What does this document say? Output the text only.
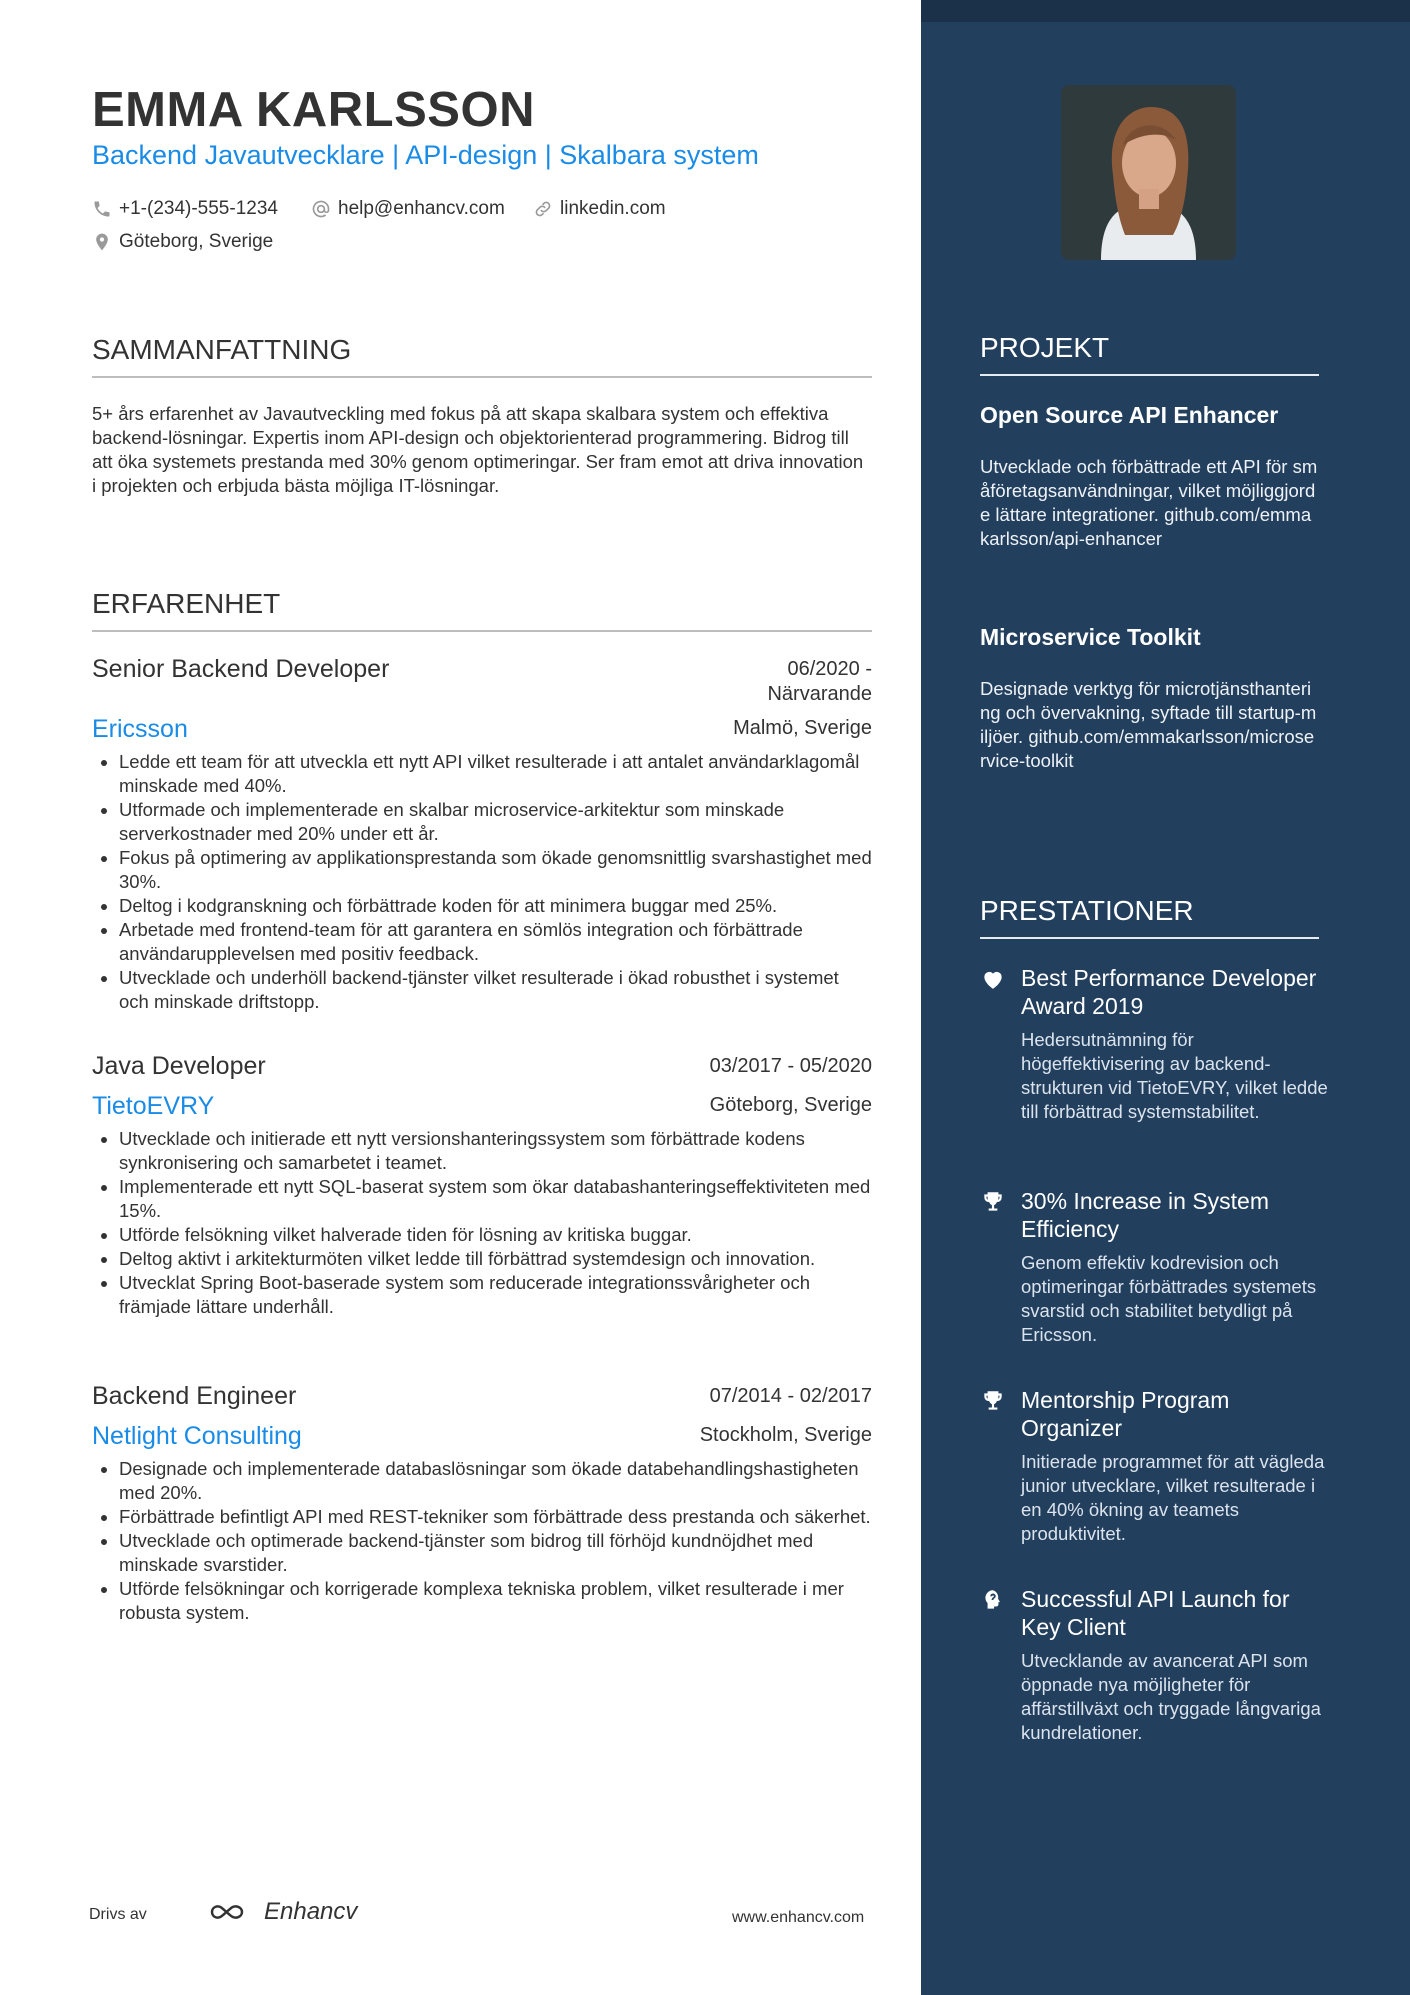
EMMA KARLSSON
Backend Javautvecklare | API-design | Skalbara system
+1-(234)-555-1234	help@enhancv.com	linkedin.com
Göteborg, Sverige
SAMMANFATTNING
5+ års erfarenhet av Javautveckling med fokus på att skapa skalbara system och effektiva backend-lösningar. Expertis inom API-design och objektorienterad programmering. Bidrog till att öka systemets prestanda med 30% genom optimeringar. Ser fram emot att driva innovation i projekten och erbjuda bästa möjliga IT-lösningar.
ERFARENHET
Senior Backend Developer	06/2020 - Närvarande
Ericsson	Malmö, Sverige
• Ledde ett team för att utveckla ett nytt API vilket resulterade i att antalet användarklagomål minskade med 40%.
• Utformade och implementerade en skalbar microservice-arkitektur som minskade serverkostnader med 20% under ett år.
• Fokus på optimering av applikationsprestanda som ökade genomsnittlig svarshastighet med 30%.
• Deltog i kodgranskning och förbättrade koden för att minimera buggar med 25%.
• Arbetade med frontend-team för att garantera en sömlös integration och förbättrade användarupplevelsen med positiv feedback.
• Utvecklade och underhöll backend-tjänster vilket resulterade i ökad robusthet i systemet och minskade driftstopp.
Java Developer	03/2017 - 05/2020
TietoEVRY	Göteborg, Sverige
• Utvecklade och initierade ett nytt versionshanteringssystem som förbättrade kodens synkronisering och samarbetet i teamet.
• Implementerade ett nytt SQL-baserat system som ökar databashanteringseffektiviteten med 15%.
• Utförde felsökning vilket halverade tiden för lösning av kritiska buggar.
• Deltog aktivt i arkitekturmöten vilket ledde till förbättrad systemdesign och innovation.
• Utvecklat Spring Boot-baserade system som reducerade integrationssvårigheter och främjade lättare underhåll.
Backend Engineer	07/2014 - 02/2017
Netlight Consulting	Stockholm, Sverige
• Designade och implementerade databaslösningar som ökade databehandlingshastigheten med 20%.
• Förbättrade befintligt API med REST-tekniker som förbättrade dess prestanda och säkerhet.
• Utvecklade och optimerade backend-tjänster som bidrog till förhöjd kundnöjdhet med minskade svarstider.
• Utförde felsökningar och korrigerade komplexa tekniska problem, vilket resulterade i mer robusta system.
Drivs av	Enhancv	www.enhancv.com
PROJEKT
Open Source API Enhancer
Utvecklade och förbättrade ett API för småföretagsanvändningar, vilket möjliggjorde lättare integrationer. github.com/emmakarlsson/api-enhancer
Microservice Toolkit
Designade verktyg för microtjänsthantering och övervakning, syftade till startup-miljöer. github.com/emmakarlsson/microservice-toolkit
PRESTATIONER
Best Performance Developer Award 2019
Hedersutnämning för högeffektivisering av backend-strukturen vid TietoEVRY, vilket ledde till förbättrad systemstabilitet.
30% Increase in System Efficiency
Genom effektiv kodrevision och optimeringar förbättrades systemets svarstid och stabilitet betydligt på Ericsson.
Mentorship Program Organizer
Initierade programmet för att vägleda junior utvecklare, vilket resulterade i en 40% ökning av teamets produktivitet.
Successful API Launch for Key Client
Utvecklande av avancerat API som öppnade nya möjligheter för affärstillväxt och tryggade långvariga kundrelationer.
